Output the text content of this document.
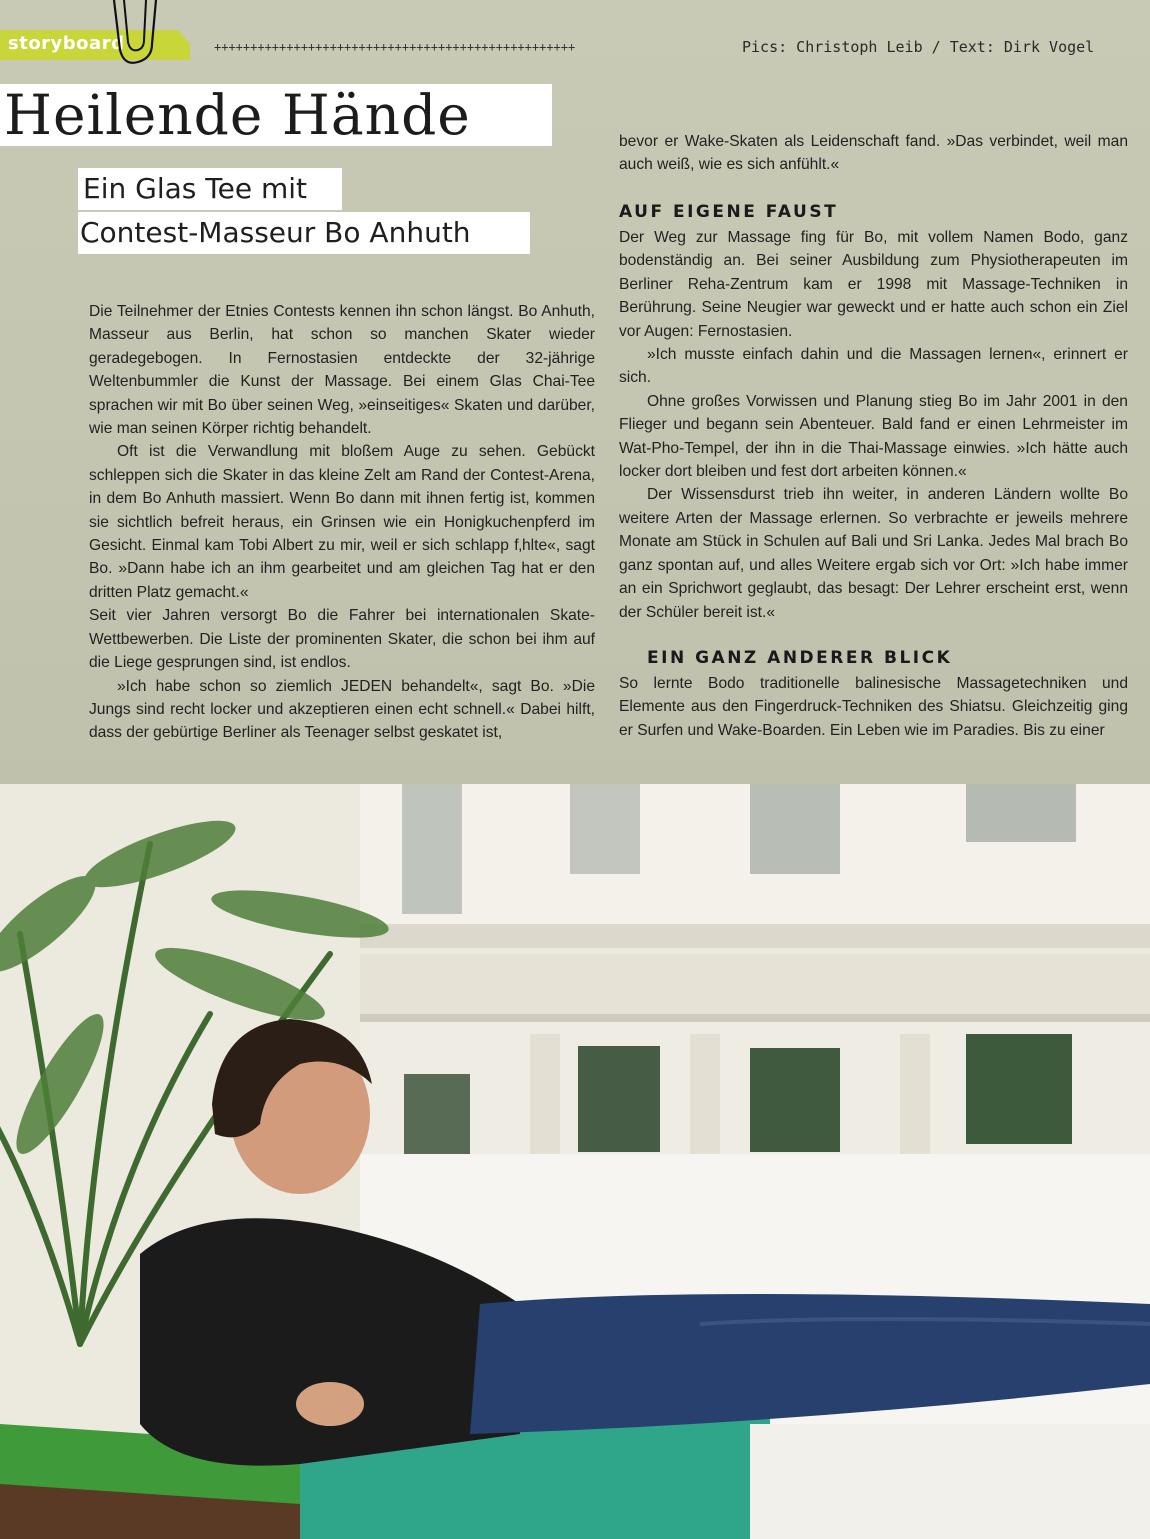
storyboard	++++++++++++++++++++++++++++++++++++++++++++++++++	Pics: Christoph Leib / Text: Dirk Vogel
Heilende Hände
Ein Glas Tee mit
Contest-Masseur Bo Anhuth

Die Teilnehmer der Etnies Contests kennen ihn schon längst. Bo Anhuth, Masseur aus Berlin, hat schon so manchen Skater wieder geradegebogen. In Fernostasien entdeckte der 32-jährige Weltenbummler die Kunst der Massage. Bei einem Glas Chai-Tee sprachen wir mit Bo über seinen Weg, »einseitiges« Skaten und darüber, wie man seinen Körper richtig behandelt.

Oft ist die Verwandlung mit bloßem Auge zu sehen. Gebückt schleppen sich die Skater in das kleine Zelt am Rand der Contest-Arena, in dem Bo Anhuth massiert. Wenn Bo dann mit ihnen fertig ist, kommen sie sichtlich befreit heraus, ein Grinsen wie ein Honigkuchenpferd im Gesicht. Einmal kam Tobi Albert zu mir, weil er sich schlapp f‚hlte«, sagt Bo. »Dann habe ich an ihm gearbeitet und am gleichen Tag hat er den dritten Platz gemacht.«

Seit vier Jahren versorgt Bo die Fahrer bei internationalen Skate-Wettbewerben. Die Liste der prominenten Skater, die schon bei ihm auf die Liege gesprungen sind, ist endlos.

»Ich habe schon so ziemlich JEDEN behandelt«, sagt Bo. »Die Jungs sind recht locker und akzeptieren einen echt schnell.« Dabei hilft, dass der gebürtige Berliner als Teenager selbst geskatet ist,

bevor er Wake-Skaten als Leidenschaft fand. »Das verbindet, weil man auch weiß, wie es sich anfühlt.«

AUF EIGENE FAUST

Der Weg zur Massage fing für Bo, mit vollem Namen Bodo, ganz bodenständig an. Bei seiner Ausbildung zum Physiotherapeuten im Berliner Reha-Zentrum kam er 1998 mit Massage-Techniken in Berührung. Seine Neugier war geweckt und er hatte auch schon ein Ziel vor Augen: Fernostasien.

»Ich musste einfach dahin und die Massagen lernen«, erinnert er sich.

Ohne großes Vorwissen und Planung stieg Bo im Jahr 2001 in den Flieger und begann sein Abenteuer. Bald fand er einen Lehrmeister im Wat-Pho-Tempel, der ihn in die Thai-Massage einwies. »Ich hätte auch locker dort bleiben und fest dort arbeiten können.«

Der Wissensdurst trieb ihn weiter, in anderen Ländern wollte Bo weitere Arten der Massage erlernen. So verbrachte er jeweils mehrere Monate am Stück in Schulen auf Bali und Sri Lanka. Jedes Mal brach Bo ganz spontan auf, und alles Weitere ergab sich vor Ort: »Ich habe immer an ein Sprichwort geglaubt, das besagt: Der Lehrer erscheint erst, wenn der Schüler bereit ist.«

EIN GANZ ANDERER BLICK

So lernte Bodo traditionelle balinesische Massagetechniken und Elemente aus den Fingerdruck-Techniken des Shiatsu. Gleichzeitig ging er Surfen und Wake-Boarden. Ein Leben wie im Paradies. Bis zu einer
